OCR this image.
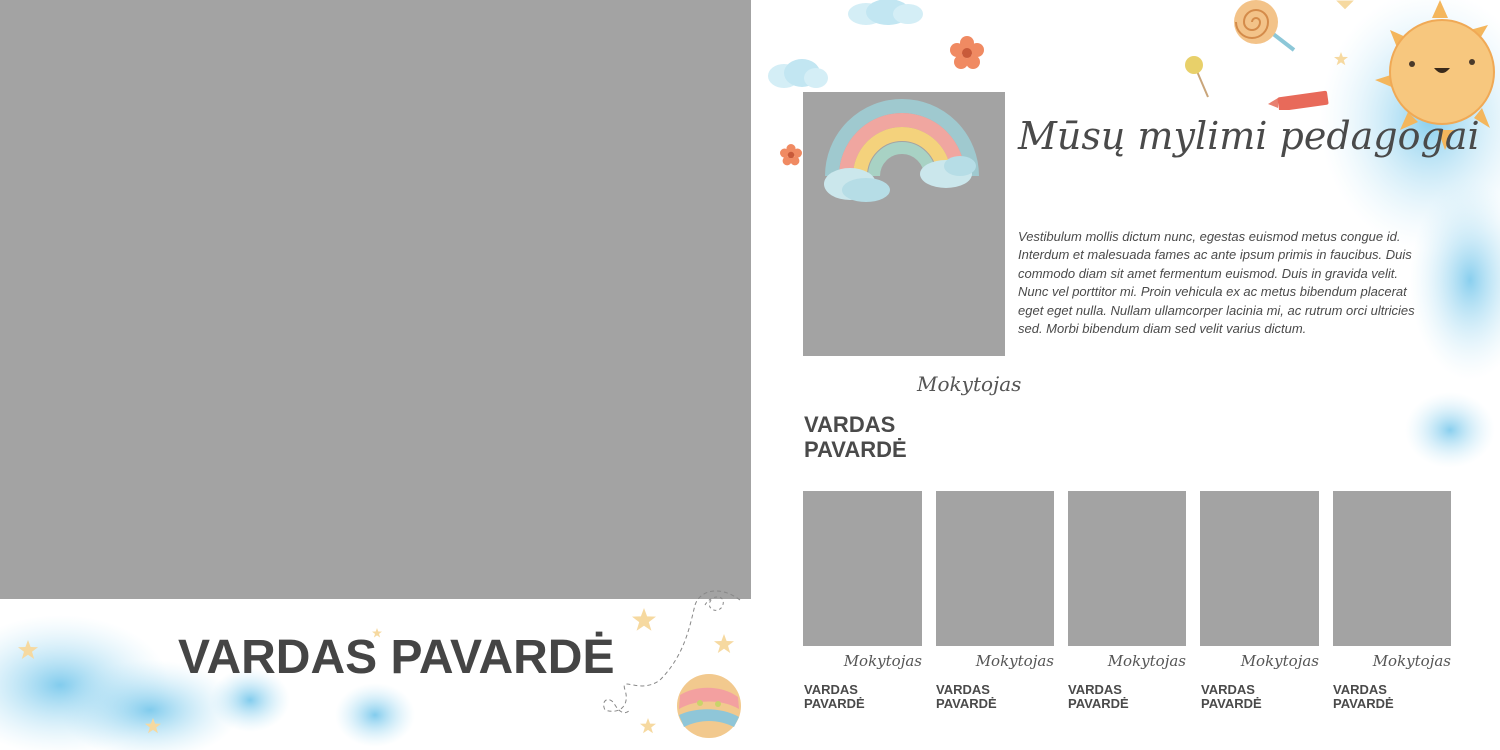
VARDAS PAVARDĖ
Mūsų mylimi pedagogai
Vestibulum mollis dictum nunc, egestas euismod metus congue id. Interdum et malesuada fames ac ante ipsum primis in faucibus. Duis commodo diam sit amet fermentum euismod. Duis in gravida velit. Nunc vel porttitor mi. Proin vehicula ex ac metus bibendum placerat eget eget nulla. Nullam ullamcorper lacinia mi, ac rutrum orci ultricies sed. Morbi bibendum diam sed velit varius dictum.
Mokytojas
VARDAS
PAVARDĖ
Mokytojas
VARDAS
PAVARDĖ
Mokytojas
VARDAS
PAVARDĖ
Mokytojas
VARDAS
PAVARDĖ
Mokytojas
VARDAS
PAVARDĖ
Mokytojas
VARDAS
PAVARDĖ
